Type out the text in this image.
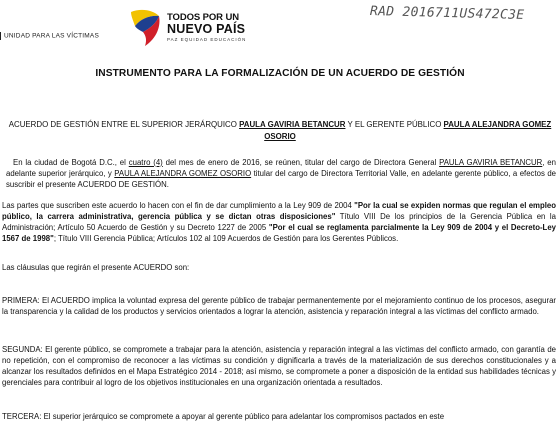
UNIDAD PARA LAS VÍCTIMAS
TODOS POR UN
NUEVO PAÍS
PAZ EQUIDAD EDUCACIÓN
RAD 2016711US472C3E
INSTRUMENTO PARA LA FORMALIZACIÓN DE UN ACUERDO DE GESTIÓN
ACUERDO DE GESTIÓN ENTRE EL SUPERIOR JERÁRQUICO PAULA GAVIRIA BETANCUR Y EL GERENTE PÚBLICO PAULA ALEJANDRA GOMEZ OSORIO
En la ciudad de Bogotá D.C., el cuatro (4) del mes de enero de 2016, se reúnen, titular del cargo de Directora General PAULA GAVIRIA BETANCUR, en adelante superior jerárquico, y PAULA ALEJANDRA GOMEZ OSORIO titular del cargo de Directora Territorial Valle, en adelante gerente público, a efectos de suscribir el presente ACUERDO DE GESTIÓN.
Las partes que suscriben este acuerdo lo hacen con el fin de dar cumplimiento a la Ley 909 de 2004 "Por la cual se expiden normas que regulan el empleo público, la carrera administrativa, gerencia pública y se dictan otras disposiciones" Título VIII De los principios de la Gerencia Pública en la Administración; Artículo 50 Acuerdo de Gestión y su Decreto 1227 de 2005 "Por el cual se reglamenta parcialmente la Ley 909 de 2004 y el Decreto-Ley 1567 de 1998"; Título VIII Gerencia Pública; Artículos 102 al 109 Acuerdos de Gestión para los Gerentes Públicos.
Las cláusulas que regirán el presente ACUERDO son:
PRIMERA: El ACUERDO implica la voluntad expresa del gerente público de trabajar permanentemente por el mejoramiento continuo de los procesos, asegurar la transparencia y la calidad de los productos y servicios orientados a lograr la atención, asistencia y reparación integral a las víctimas del conflicto armado.
SEGUNDA: El gerente público, se compromete a trabajar para la atención, asistencia y reparación integral a las víctimas del conflicto armado, con garantía de no repetición, con el compromiso de reconocer a las víctimas su condición y dignificarla a través de la materialización de sus derechos constitucionales y a alcanzar los resultados definidos en el Mapa Estratégico 2014 - 2018; así mismo, se compromete a poner a disposición de la entidad sus habilidades técnicas y gerenciales para contribuir al logro de los objetivos institucionales en una organización orientada a resultados.
TERCERA: El superior jerárquico se compromete a apoyar al gerente público para adelantar los compromisos pactados en este
